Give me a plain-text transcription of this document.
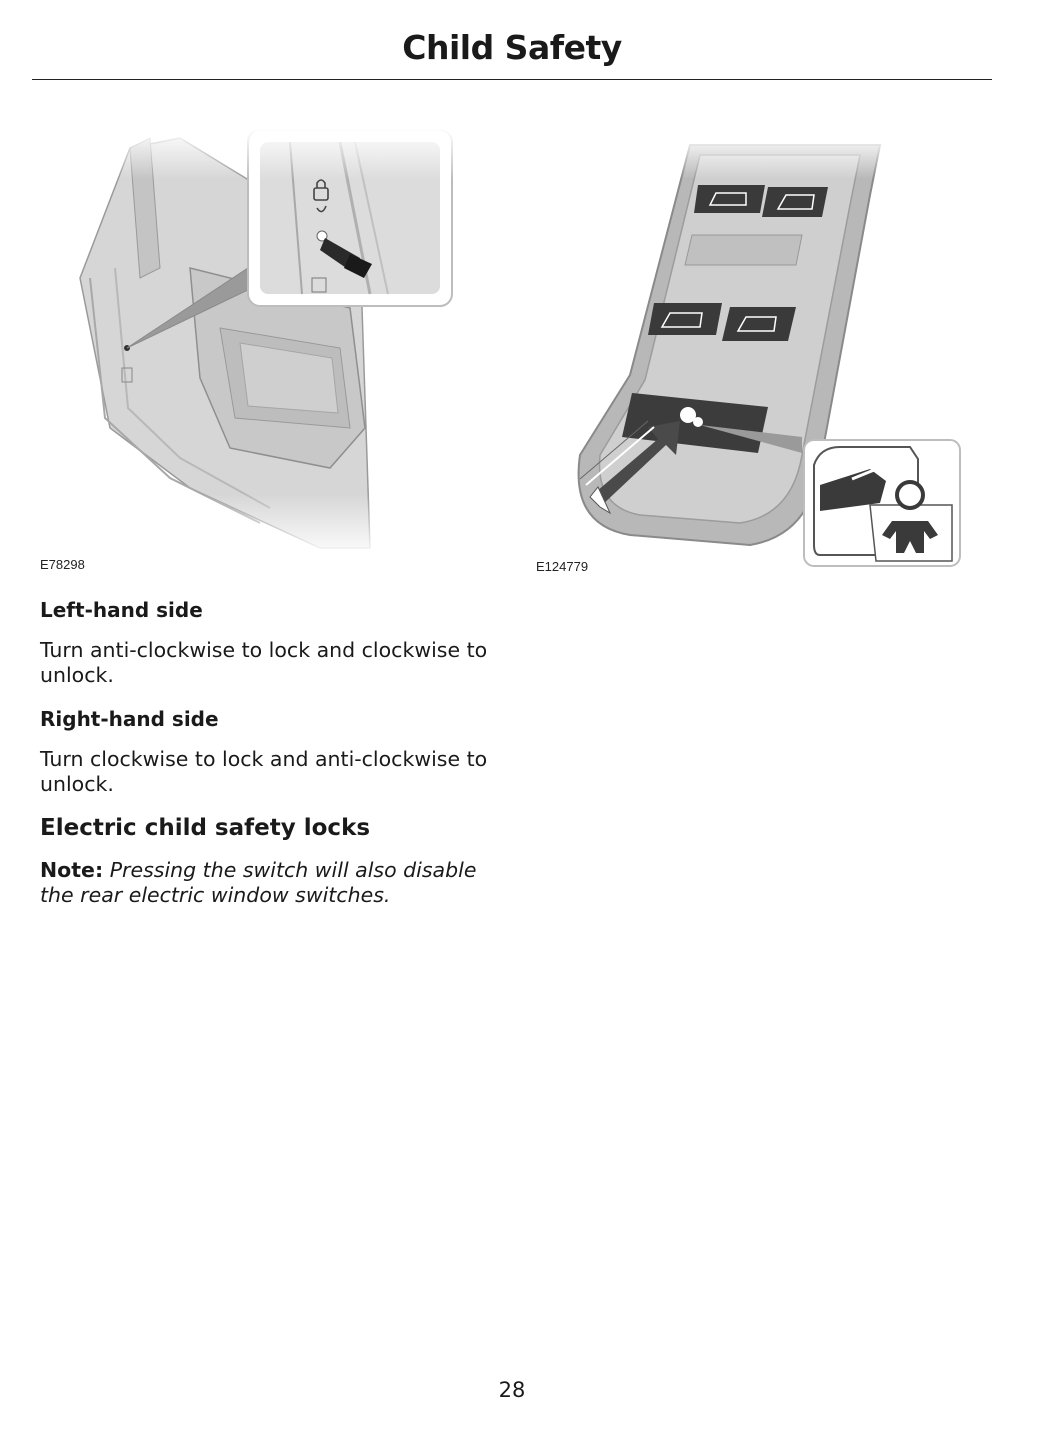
Child Safety
E78298	E124779
Left-hand side
Turn anti-clockwise to lock and clockwise to unlock.
Right-hand side
Turn clockwise to lock and anti-clockwise to unlock.
Electric child safety locks
Note: Pressing the switch will also disable the rear electric window switches.
28
